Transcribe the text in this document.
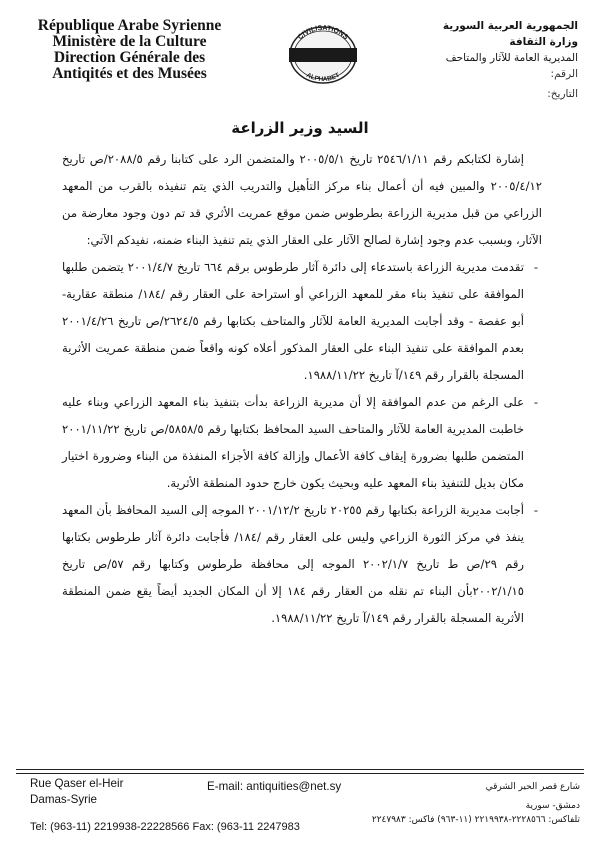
République Arabe Syrienne
Ministère de la Culture
Direction Générale des
Antiqités et des Musées
CIVILISATIONS
ALPHABET
الجمهورية العربية السورية
وزارة الثقافة
المديرية العامة للآثار والمتاحف
الرقم:
التاريخ:
السيد وزير الزراعة

إشارة لكتابكم رقم ٢٥٤٦/١/١١ تاريخ ٢٠٠٥/٥/١ والمتضمن الرد على كتابنا رقم ٢٠٨٨/٥/ص تاريخ ٢٠٠٥/٤/١٢ والمبين فيه أن أعمال بناء مركز التأهيل والتدريب الذي يتم تنفيذه بالقرب من المعهد الزراعي من قبل مديرية الزراعة بطرطوس ضمن موقع عمريت الأثري قد تم دون وجود معارضة من الآثار، وبسبب عدم وجود إشارة لصالح الآثار على العقار الذي يتم تنفيذ البناء ضمنه، نفيدكم الآتي:

- تقدمت مديرية الزراعة باستدعاء إلى دائرة آثار طرطوس برقم ٦٦٤ تاريخ ٢٠٠١/٤/٧ يتضمن طلبها الموافقة على تنفيذ بناء مقر للمعهد الزراعي أو استراحة على العقار رقم /١٨٤/ منطقة عقارية- أبو عفصة - وقد أجابت المديرية العامة للآثار والمتاحف بكتابها رقم ٢٦٢٤/٥/ص تاريخ ٢٠٠١/٤/٢٦ بعدم الموافقة على تنفيذ البناء على العقار المذكور أعلاه كونه واقعاً ضمن منطقة عمريت الأثرية المسجلة بالقرار رقم ١٤٩/آ تاريخ ١٩٨٨/١١/٢٢.
- على الرغم من عدم الموافقة إلا أن مديرية الزراعة بدأت بتنفيذ بناء المعهد الزراعي وبناء عليه خاطبت المديرية العامة للآثار والمتاحف السيد المحافظ بكتابها رقم ٥٨٥٨/٥/ص تاريخ ٢٠٠١/١١/٢٢ المتضمن طلبها بضرورة إيقاف كافة الأعمال وإزالة كافة الأجزاء المنفذة من البناء وضرورة اختيار مكان بديل للتنفيذ بناء المعهد عليه وبحيث يكون خارج حدود المنطقة الأثرية.
- أجابت مديرية الزراعة بكتابها رقم ٢٠٢٥٥ تاريخ ٢٠٠١/١٢/٢ الموجه إلى السيد المحافظ بأن المعهد ينفذ في مركز الثورة الزراعي وليس على العقار رقم /١٨٤/ فأجابت دائرة آثار طرطوس بكتابها رقم ٢٩/ص ط تاريخ ٢٠٠٢/١/٧ الموجه إلى محافظة طرطوس وكتابها رقم ٥٧/ص تاريخ ٢٠٠٢/١/١٥بأن البناء تم نقله من العقار رقم ١٨٤ إلا أن المكان الجديد أيضاً يقع ضمن المنطقة الأثرية المسجلة بالقرار رقم ١٤٩/آ تاريخ ١٩٨٨/١١/٢٢.
Rue Qaser el-Heir
Damas-Syrie
E-mail: antiquities@net.sy
Tel: (963-11) 2219938-22228566 Fax: (963-11 2247983
شارع قصر الحير الشرقي
دمشق- سورية
تلفاكس: ٢٢٢٨٥٦٦-٢٢١٩٩٣٨ (١١-٩٦٣) فاكس: ٢٢٤٧٩٨٣
